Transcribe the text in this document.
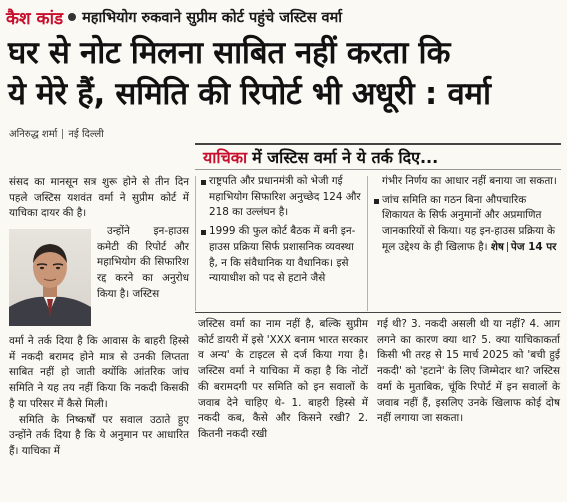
कैश कांड महाभियोग रुकवाने सुप्रीम कोर्ट पहुंचे जस्टिस वर्मा
घर से नोट मिलना साबित नहीं करता कि
ये मेरे हैं, समिति की रिपोर्ट भी अधूरी : वर्मा
अनिरुद्ध शर्मा नई दिल्ली
याचिका में जस्टिस वर्मा ने ये तर्क दिए...

संसद का मानसून सत्र शुरू होने से तीन दिन पहले जस्टिस यशवंत वर्मा ने सुप्रीम कोर्ट में याचिका दायर की है।

उन्होंने इन-हाउस कमेटी की रिपोर्ट और महाभियोग की सिफारिश रद्द करने का अनुरोध किया है। जस्टिस

वर्मा ने तर्क दिया है कि आवास के बाहरी हिस्से में नकदी बरामद होने मात्र से उनकी लिप्तता साबित नहीं हो जाती क्योंकि आंतरिक जांच समिति ने यह तय नहीं किया कि नकदी किसकी है या परिसर में कैसे मिली।

समिति के निष्कर्षों पर सवाल उठाते हुए उन्होंने तर्क दिया है कि ये अनुमान पर आधारित हैं। याचिका में

राष्ट्रपति और प्रधानमंत्री को भेजी गई महाभियोग सिफारिश अनुच्छेद 124 और 218 का उल्लंघन है।

1999 की फुल कोर्ट बैठक में बनी इन-हाउस प्रक्रिया सिर्फ प्रशासनिक व्यवस्था है, न कि संवैधानिक या वैधानिक। इसे न्यायाधीश को पद से हटाने जैसे

गंभीर निर्णय का आधार नहीं बनाया जा सकता।

जांच समिति का गठन बिना औपचारिक शिकायत के सिर्फ अनुमानों और अप्रमाणित जानकारियों से किया। यह इन-हाउस प्रक्रिया के मूल उद्देश्य के ही खिलाफ है। शेष पेज 14 पर

जस्टिस वर्मा का नाम नहीं है, बल्कि सुप्रीम कोर्ट डायरी में इसे 'XXX बनाम भारत सरकार व अन्य' के टाइटल से दर्ज किया गया है। जस्टिस वर्मा ने याचिका में कहा है कि नोटों की बरामदगी पर समिति को इन सवालों के जवाब देने चाहिए थे- 1. बाहरी हिस्से में नकदी कब, कैसे और किसने रखी? 2. कितनी नकदी रखी

गई थी? 3. नकदी असली थी या नहीं? 4. आग लगने का कारण क्या था? 5. क्या याचिकाकर्ता किसी भी तरह से 15 मार्च 2025 को 'बची हुई नकदी' को 'हटाने' के लिए जिम्मेदार था? जस्टिस वर्मा के मुताबिक, चूंकि रिपोर्ट में इन सवालों के जवाब नहीं हैं, इसलिए उनके खिलाफ कोई दोष नहीं लगाया जा सकता।
